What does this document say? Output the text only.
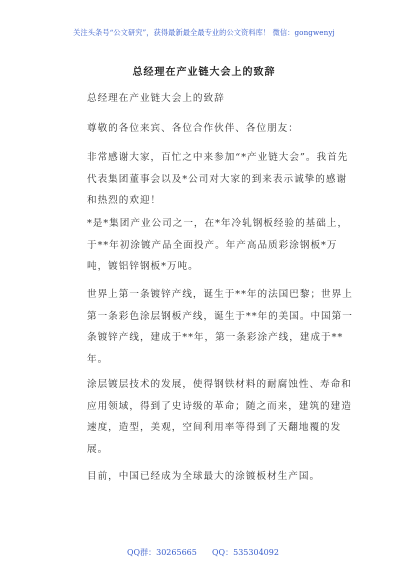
关注头条号“公文研究”，获得最新最全最专业的公文资料库！ 微信：gongwenyj
总经理在产业链大会上的致辞

总经理在产业链大会上的致辞

尊敬的各位来宾、各位合作伙伴、各位朋友：

非常感谢大家，百忙之中来参加“*产业链大会”。我首先代表集团董事会以及*公司对大家的到来表示诚挚的感谢和热烈的欢迎！

*是*集团产业公司之一，在*年冷轧钢板经验的基础上，于**年初涂镀产品全面投产。年产高品质彩涂钢板*万吨，镀铝锌钢板*万吨。

世界上第一条镀锌产线，诞生于**年的法国巴黎；世界上第一条彩色涂层钢板产线，诞生于**年的美国。中国第一条镀锌产线，建成于**年，第一条彩涂产线，建成于**年。

涂层镀层技术的发展，使得钢铁材料的耐腐蚀性、寿命和应用领域，得到了史诗级的革命；随之而来，建筑的建造速度，造型，美观，空间利用率等得到了天翻地覆的发展。

目前，中国已经成为全球最大的涂镀板材生产国。

QQ群：30265665 QQ：535304092
